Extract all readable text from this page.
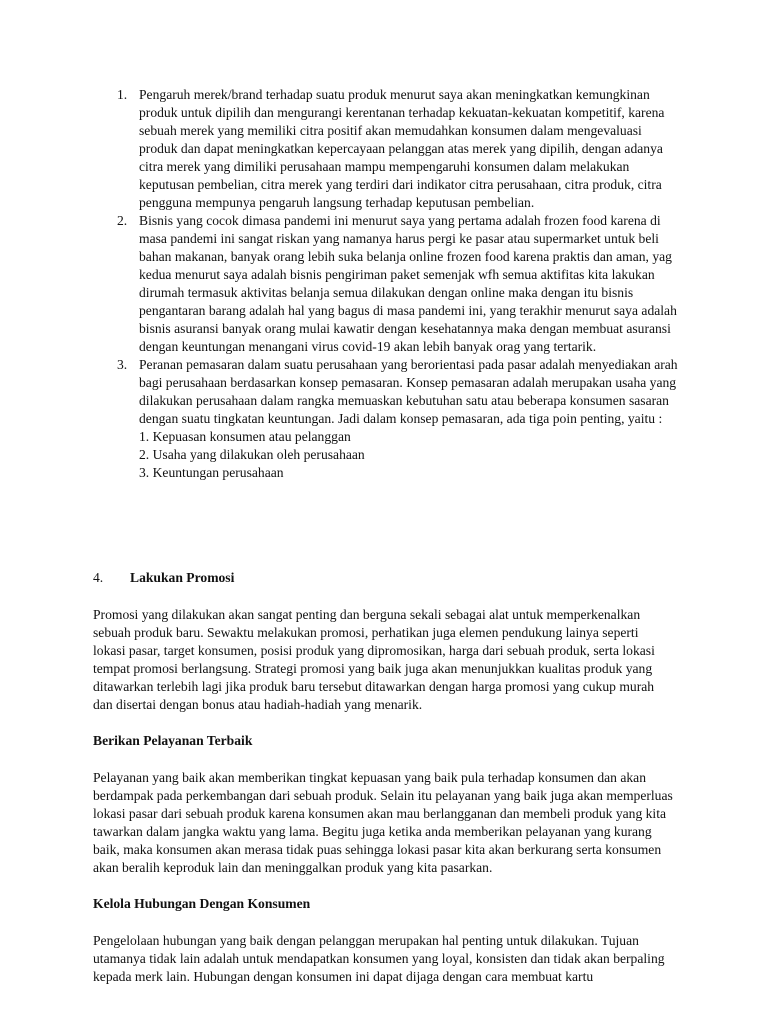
1. Pengaruh merek/brand terhadap suatu produk menurut saya akan meningkatkan kemungkinan produk untuk dipilih dan mengurangi kerentanan terhadap kekuatan-kekuatan kompetitif, karena sebuah merek yang memiliki citra positif akan memudahkan konsumen dalam mengevaluasi produk dan dapat meningkatkan kepercayaan pelanggan atas merek yang dipilih, dengan adanya citra merek yang dimiliki perusahaan mampu mempengaruhi konsumen dalam melakukan keputusan pembelian, citra merek yang terdiri dari indikator citra perusahaan, citra produk, citra pengguna mempunya pengaruh langsung terhadap keputusan pembelian.
2. Bisnis yang cocok dimasa pandemi ini menurut saya yang pertama adalah frozen food karena di masa pandemi ini sangat riskan yang namanya harus pergi ke pasar atau supermarket untuk beli bahan makanan, banyak orang lebih suka belanja online frozen food karena praktis dan aman, yag kedua menurut saya adalah bisnis pengiriman paket semenjak wfh semua aktifitas kita lakukan dirumah termasuk aktivitas belanja semua dilakukan dengan online maka dengan itu bisnis pengantaran barang adalah hal yang bagus di masa pandemi ini, yang terakhir menurut saya adalah bisnis asuransi banyak orang mulai kawatir dengan kesehatannya maka dengan membuat asuransi dengan keuntungan menangani virus covid-19 akan lebih banyak orag yang tertarik.
3. Peranan pemasaran dalam suatu perusahaan yang berorientasi pada pasar adalah menyediakan arah bagi perusahaan berdasarkan konsep pemasaran. Konsep pemasaran adalah merupakan usaha yang dilakukan perusahaan dalam rangka memuaskan kebutuhan satu atau beberapa konsumen sasaran dengan suatu tingkatan keuntungan. Jadi dalam konsep pemasaran, ada tiga poin penting, yaitu :
1. Kepuasan konsumen atau pelanggan
2. Usaha yang dilakukan oleh perusahaan
3. Keuntungan perusahaan
4. Lakukan Promosi

Promosi yang dilakukan akan sangat penting dan berguna sekali sebagai alat untuk memperkenalkan sebuah produk baru. Sewaktu melakukan promosi, perhatikan juga elemen pendukung lainya seperti lokasi pasar, target konsumen, posisi produk yang dipromosikan, harga dari sebuah produk, serta lokasi tempat promosi berlangsung. Strategi promosi yang baik juga akan menunjukkan kualitas produk yang ditawarkan terlebih lagi jika produk baru tersebut ditawarkan dengan harga promosi yang cukup murah dan disertai dengan bonus atau hadiah-hadiah yang menarik.

Berikan Pelayanan Terbaik

Pelayanan yang baik akan memberikan tingkat kepuasan yang baik pula terhadap konsumen dan akan berdampak pada perkembangan dari sebuah produk. Selain itu pelayanan yang baik juga akan memperluas lokasi pasar dari sebuah produk karena konsumen akan mau berlangganan dan membeli produk yang kita tawarkan dalam jangka waktu yang lama. Begitu juga ketika anda memberikan pelayanan yang kurang baik, maka konsumen akan merasa tidak puas sehingga lokasi pasar kita akan berkurang serta konsumen akan beralih keproduk lain dan meninggalkan produk yang kita pasarkan.

Kelola Hubungan Dengan Konsumen

Pengelolaan hubungan yang baik dengan pelanggan merupakan hal penting untuk dilakukan. Tujuan utamanya tidak lain adalah untuk mendapatkan konsumen yang loyal, konsisten dan tidak akan berpaling kepada merk lain. Hubungan dengan konsumen ini dapat dijaga dengan cara membuat kartu
